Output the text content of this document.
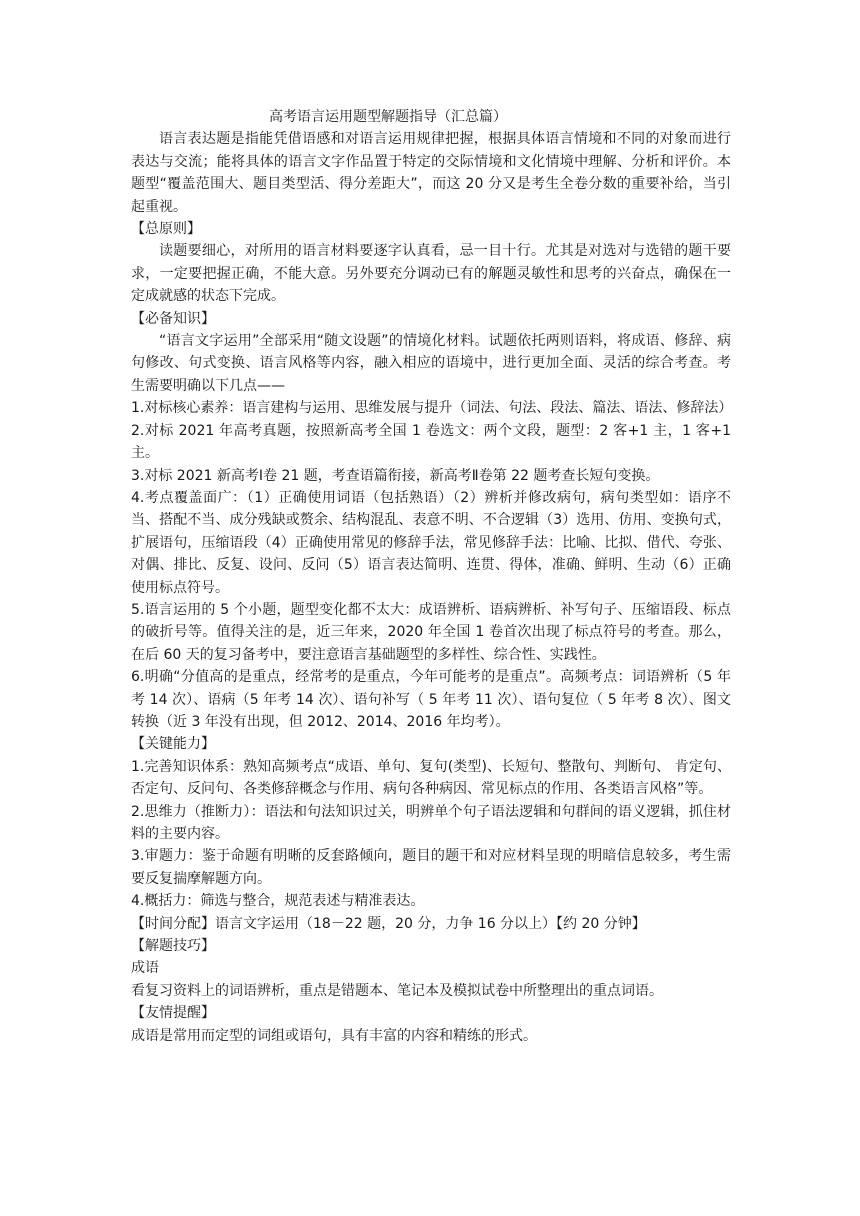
高考语言运用题型解题指导（汇总篇）

语言表达题是指能凭借语感和对语言运用规律把握，根据具体语言情境和不同的对象而进行表达与交流；能将具体的语言文字作品置于特定的交际情境和文化情境中理解、分析和评价。本题型“覆盖范围大、题目类型活、得分差距大”，而这 20 分又是考生全卷分数的重要补给，当引起重视。

【总原则】

读题要细心，对所用的语言材料要逐字认真看，忌一目十行。尤其是对选对与选错的题干要求，一定要把握正确，不能大意。另外要充分调动已有的解题灵敏性和思考的兴奋点，确保在一定成就感的状态下完成。

【必备知识】

“语言文字运用”全部采用“随文设题”的情境化材料。试题依托两则语料，将成语、修辞、病句修改、句式变换、语言风格等内容，融入相应的语境中，进行更加全面、灵活的综合考查。考生需要明确以下几点——

1.对标核心素养：语言建构与运用、思维发展与提升（词法、句法、段法、篇法、语法、修辞法）

2.对标 2021 年高考真题，按照新高考全国 1 卷选文：两个文段，题型：2 客+1 主，1 客+1 主。

3.对标 2021 新高考Ⅰ卷 21 题，考查语篇衔接，新高考Ⅱ卷第 22 题考查长短句变换。

4.考点覆盖面广：（1）正确使用词语（包括熟语）（2）辨析并修改病句，病句类型如：语序不当、搭配不当、成分残缺或赘余、结构混乱、表意不明、不合逻辑（3）选用、仿用、变换句式，扩展语句，压缩语段（4）正确使用常见的修辞手法，常见修辞手法：比喻、比拟、借代、夸张、对偶、排比、反复、设问、反问（5）语言表达简明、连贯、得体，准确、鲜明、生动（6）正确使用标点符号。

5.语言运用的 5 个小题，题型变化都不太大：成语辨析、语病辨析、补写句子、压缩语段、标点的破折号等。值得关注的是，近三年来，2020 年全国 1 卷首次出现了标点符号的考查。那么，在后 60 天的复习备考中，要注意语言基础题型的多样性、综合性、实践性。

6.明确“分值高的是重点，经常考的是重点，今年可能考的是重点”。高频考点：词语辨析（5 年考 14 次）、语病（5 年考 14 次）、语句补写（ 5 年考 11 次）、语句复位（ 5 年考 8 次）、图文转换（近 3 年没有出现，但 2012、2014、2016 年均考）。

【关键能力】

1.完善知识体系：熟知高频考点“成语、单句、复句(类型)、长短句、整散句、判断句、 肯定句、 否定句、反问句、各类修辞概念与作用、病句各种病因、常见标点的作用、各类语言风格”等。

2.思维力（推断力）：语法和句法知识过关，明辨单个句子语法逻辑和句群间的语义逻辑，抓住材料的主要内容。

3.审题力：鉴于命题有明晰的反套路倾向，题目的题干和对应材料呈现的明暗信息较多，考生需要反复揣摩解题方向。

4.概括力：筛选与整合，规范表述与精准表达。

【时间分配】语言文字运用（18－22 题，20 分，力争 16 分以上）【约 20 分钟】

【解题技巧】

成语

看复习资料上的词语辨析，重点是错题本、笔记本及模拟试卷中所整理出的重点词语。

【友情提醒】

成语是常用而定型的词组或语句，具有丰富的内容和精练的形式。
